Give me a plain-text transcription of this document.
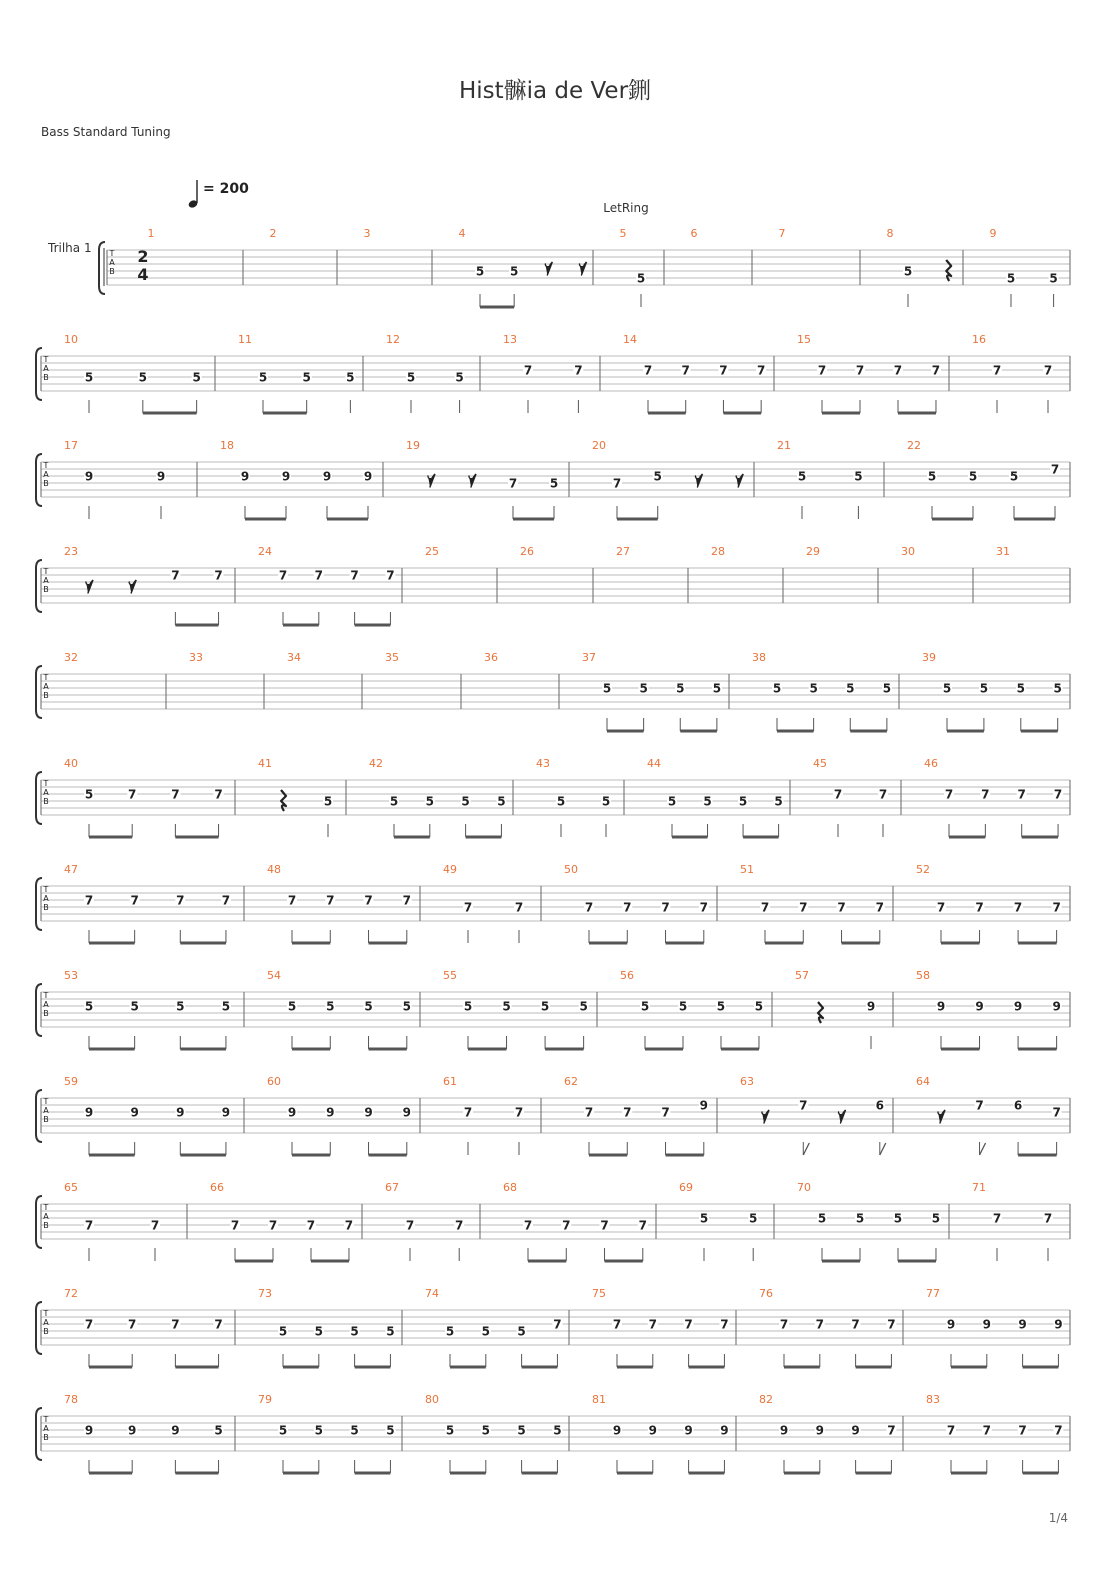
Hist髍ia de Ver鉶
Bass Standard Tuning
1/4
T
A
B
Trilha 1	2
4
1	2	3	4
5 5
5
5
6	7	8
5
9
5	5
= 200
LetRing
T
A
B
10
5	5	5
11
5	5	5
12
5	5
13
7	7
14
7 7 7 7
15
7 7 7 7
16
7	7
T
A
B
17
9	9
18
9	9	9	9
19
7	5
20
7	5
21
5	5
22
5	5	5	7
T
A
B
23
7	7
24
7 7 7 7
25	26	27	28	29	30	31
T
A
B
32	33	34	35	36	37
5 5 5 5
38
5 5 5 5
39
5 5 5 5
T
A
B
40
5	7	7	7
41
5
42
5 5 5 5
43
5	5
44
5 5 5 5
45
7	7
46
7 7 7 7
T
A
B
47
7	7	7	7
48
7 7 7 7
49
7	7
50
7 7 7 7
51
7 7 7 7
52
7	7	7	7
T
A
B
53
5	5	5	5
54
5 5 5 5
55
5	5	5	5
56
5 5 5 5
57
9
58
9	9	9	9
T
A
B
59
9	9	9	9
60
9 9 9 9
61
7	7
62
7 7 7 9
63
7	6
64
7	6	7
T
A
B
65
7	7
66
7 7 7 7
67
7	7
68
7 7 7 7
69
5	5
70
5 5 5 5
71
7	7
T
A
B
72
7	7	7	7
73
5 5 5 5
74
5 5 5 7
75
7 7 7 7
76
7 7 7 7
77
9 9 9 9
T
A
B
78
9	9	9	5
79
5 5 5 5
80
5 5 5 5
81
9 9 9 9
82
9 9 9 7
83
7 7 7 7
